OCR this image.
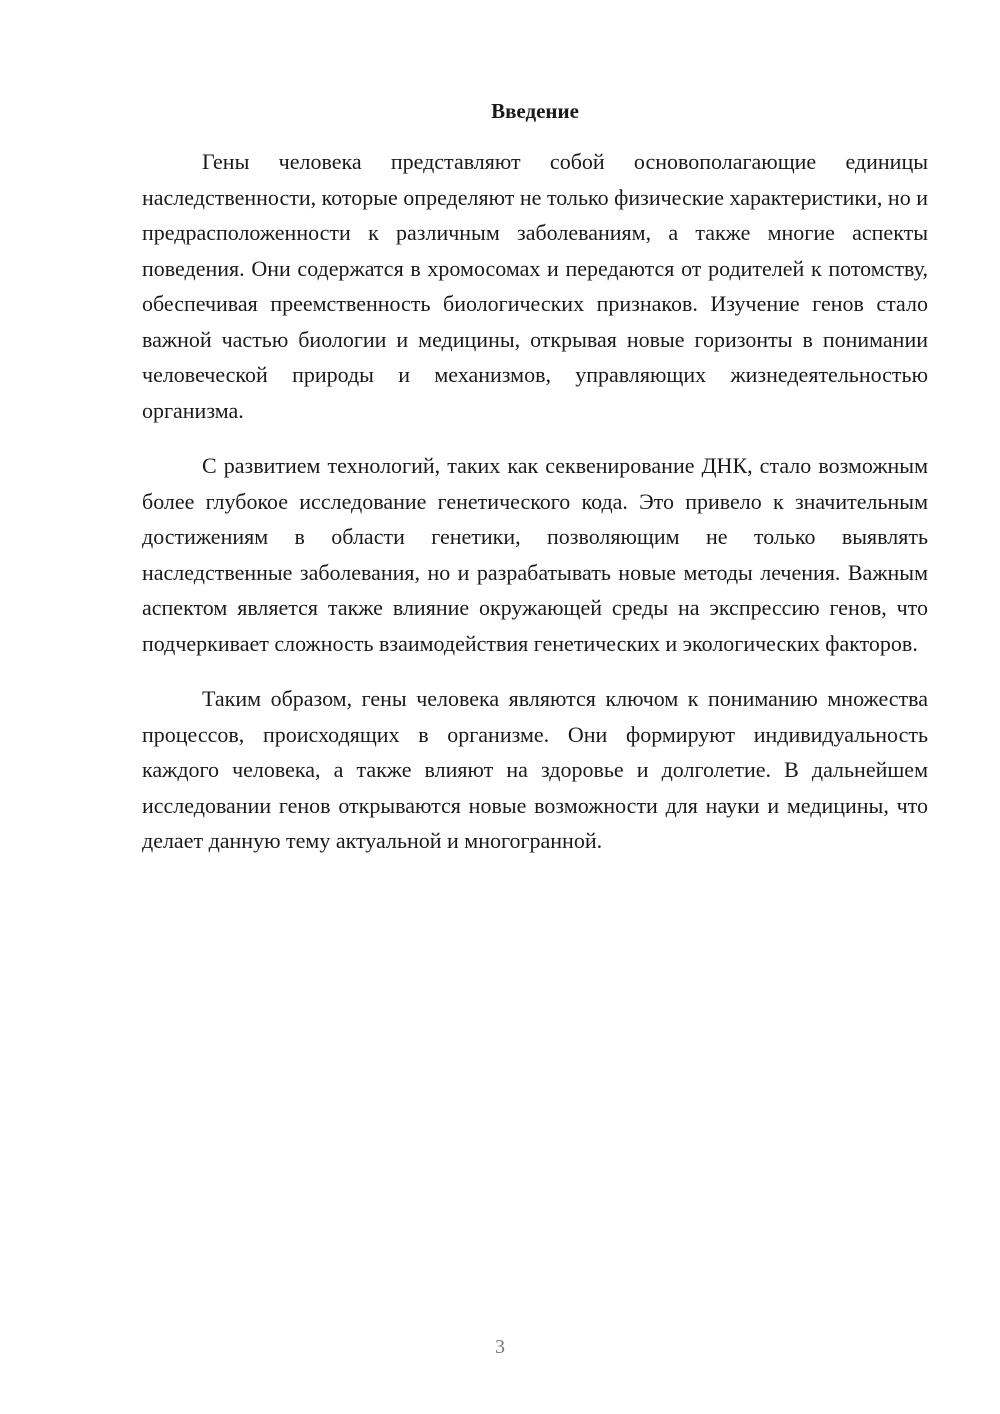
Введение

Гены человека представляют собой основополагающие единицы наследственности, которые определяют не только физические характеристики, но и предрасположенности к различным заболеваниям, а также многие аспекты поведения. Они содержатся в хромосомах и передаются от родителей к потомству, обеспечивая преемственность биологических признаков. Изучение генов стало важной частью биологии и медицины, открывая новые горизонты в понимании человеческой природы и механизмов, управляющих жизнедеятельностью организма.

С развитием технологий, таких как секвенирование ДНК, стало возможным более глубокое исследование генетического кода. Это привело к значительным достижениям в области генетики, позволяющим не только выявлять наследственные заболевания, но и разрабатывать новые методы лечения. Важным аспектом является также влияние окружающей среды на экспрессию генов, что подчеркивает сложность взаимодействия генетических и экологических факторов.

Таким образом, гены человека являются ключом к пониманию множества процессов, происходящих в организме. Они формируют индивидуальность каждого человека, а также влияют на здоровье и долголетие. В дальнейшем исследовании генов открываются новые возможности для науки и медицины, что делает данную тему актуальной и многогранной.

3
